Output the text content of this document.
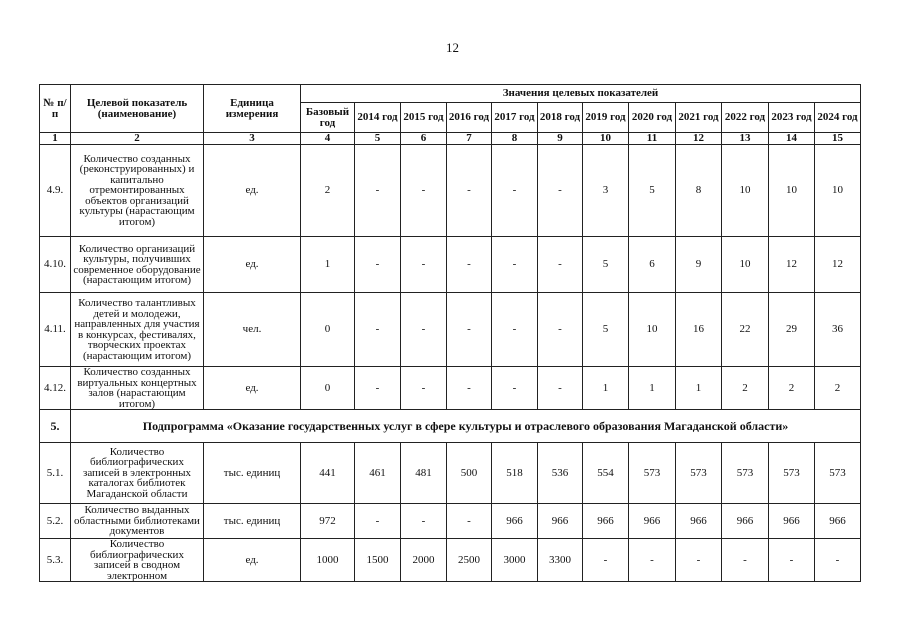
12
№ п/п	Целевой показатель (наименование)	Единица измерения	Значения целевых показателей											
			Базовый год	2014 год	2015 год	2016 год	2017 год	2018 год	2019 год	2020 год	2021 год	2022 год	2023 год	2024 год
1	2	3	4	5	6	7	8	9	10	11	12	13	14	15
4.9.	Количество созданных (реконструированных) и капитально отремонтированных объектов организаций культуры (нарастающим итогом)	ед.	2	-	-	-	-	-	3	5	8	10	10	10
4.10.	Количество организаций культуры, получивших современное оборудование (нарастающим итогом)	ед.	1	-	-	-	-	-	5	6	9	10	12	12
4.11.	Количество талантливых детей и молодежи, направленных для участия в конкурсах, фестивалях, творческих проектах (нарастающим итогом)	чел.	0	-	-	-	-	-	5	10	16	22	29	36
4.12.	Количество созданных виртуальных концертных залов (нарастающим итогом)	ед.	0	-	-	-	-	-	1	1	1	2	2	2
5.	Подпрограмма «Оказание государственных услуг в сфере культуры и отраслевого образования Магаданской области»													
5.1.	Количество библиографических записей в электронных каталогах библиотек Магаданской области	тыс. единиц	441	461	481	500	518	536	554	573	573	573	573	573
5.2.	Количество выданных областными библиотеками документов	тыс. единиц	972	-	-	-	966	966	966	966	966	966	966	966
5.3.	Количество библиографических записей в сводном электронном	ед.	1000	1500	2000	2500	3000	3300	-	-	-	-	-	-
